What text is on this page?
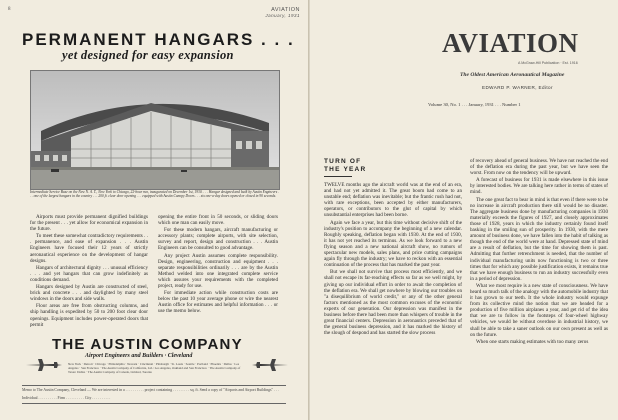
8	AVIATION
January, 1931
PERMANENT HANGARS . . .
yet designed for easy expansion
Intermediate Service Base on the New N. A. T., New York to Chicago, 22-hour run, inaugurated on December 1st, 1930. . . . Hangar designed and built by Austin Engineers . . . one of the largest hangars in the country . . . 200 ft. clear door opening . . . equipped with Austin Canopy Doors . . . six one-a-day doors opened or closed in 90 seconds.

Airports must provide permanent dignified buildings for the present . . . yet allow for economical expansion in the future.

To meet these somewhat contradictory requirements . . . permanence, and ease of expansion . . . Austin Engineers have focused their 12 years of strictly aeronautical experience on the development of hangar designs.

Hangars of architectural dignity . . . unusual efficiency . . . and yet hangars that can grow indefinitely as conditions demand.

Hangars designed by Austin are constructed of steel, brick and concrete . . . and daylighted by many steel windows in the doors and side walls.

Floor areas are free from obstructing columns, and ship handling is expedited by 50 to 200 foot clear door openings. Equipment includes power-operated doors that permit

opening the entire front in 50 seconds, or sliding doors which one man can easily move.

For these modern hangars, aircraft manufacturing or accessory plants; complete airports, with site selection, survey and report, design and construction . . . Austin Engineers can be consulted to good advantage.

Any project Austin assumes complete responsibility. Design, engineering, construction and equipment . . . separate responsibilities ordinarily . . . are by the Austin Method welded into one integrated complete service which assures your requirements with the completed project, ready for use.

For immediate action while construction costs are below the past 10 year average phone or wire the nearest Austin office for estimates and helpful information . . . or use the memo below.

THE AUSTIN COMPANY
Airport Engineers and Builders · Cleveland
New York · Detroit · Chicago · Philadelphia · Newark · Cincinnati · Pittsburgh · St. Louis · Seattle · Portland · Phoenix · Dallas · Los Angeles · San Francisco · The Austin Company of California, Ltd.: Los Angeles, Oakland and San Francisco · The Austin Company of Texas: Dallas · The Austin Company of Canada, Limited, Toronto
Memo to The Austin Company, Cleveland — We are interested in a . . . . . . . . . . project containing . . . . . . . . . sq. ft. Send a copy of "Airports and Airport Buildings" . . .
Individual . . . . . . . . . . Firm . . . . . . . . . . City . . . . . . . . . .
AVIATION
A McGraw-Hill Publication · Est. 1916
The Oldest American Aeronautical Magazine
EDWARD P. WARNER, Editor
Volume 30, No. 1 . . . January, 1931 . . . Number 1
TURN OF
THE YEAR

TWELVE months ago the aircraft world was at the end of an era, and had not yet admitted it. The great boom had come to an unstable end; deflation was inevitable; but the frantic rush had not, with rare exceptions, been accepted by either manufacturers, operators, or contributors to the glut of capital by which unsubstantial enterprises had been borne.

Again we face a year, but this time without decisive shift of the industry's position to accompany the beginning of a new calendar. Roughly speaking, deflation began with 1930. At the end of 1930, it has not yet reached its terminus. As we look forward to a new flying season and a new national aircraft show, no rumors of spectacular new models, sales plans, and price cutting campaigns again fly through the industry; we have to reckon with an essential continuation of the process that has marked the past year.

But we shall not survive that process most efficiently, and we shall not escape its far-reaching effects so far as we well might, by giving up our individual effort in order to await the completion of the deflation era. We shall get nowhere by blowing our troubles on "a disequilibrium of world credit," or any of the other general factors mentioned as the most common excuses of the economic experts of our generation. Our depression was manifest in the business before there had been more than whispers of trouble in the great financial centers. Depression in aeronautics preceded that of the general business depression, and it has marked the history of the slough of despond and has started the slow process

of recovery ahead of general business. We have not reached the end of the deflation era during the past year, but we have seen the worst. From now on the tendency will be upward.

A forecast of business for 1931 is made elsewhere in this issue by interested bodies. We are talking here rather in terms of states of mind.

The one great fact to bear in mind is that even if there were to be no increase in aircraft production there still would be no disaster. The aggregate business done by manufacturing companies in 1930 materially exceeds the figures of 1927, and closely approximates those of 1928, years in which the industry certainly found itself basking in the smiling sun of prosperity. In 1930, with the mere amount of business done, we have fallen into the habit of talking as though the end of the world were at hand. Depressed state of mind are a result of deflation, but the time for showing them is past. Admitting that further retrenchment is needed, that the number of individual manufacturing units now functioning is two or three times that for which any possible justification exists, it remains true that we have enough business to run an industry successfully even in a period of depression.

What we most require is a new state of consciousness. We have heard so much talk of the analogy with the automobile industry that it has grown to our teeth. It the whole industry would expunge from its collective mind the notion that we are headed for a production of five million airplanes a year, and get rid of the idea that we are to follow in the footsteps of four-wheel highway vehicles, we would be without overdose in industrial history, we shall be able to take a saner outlook on our own present as well as on the future.

When one starts making estimates with too many zeros
